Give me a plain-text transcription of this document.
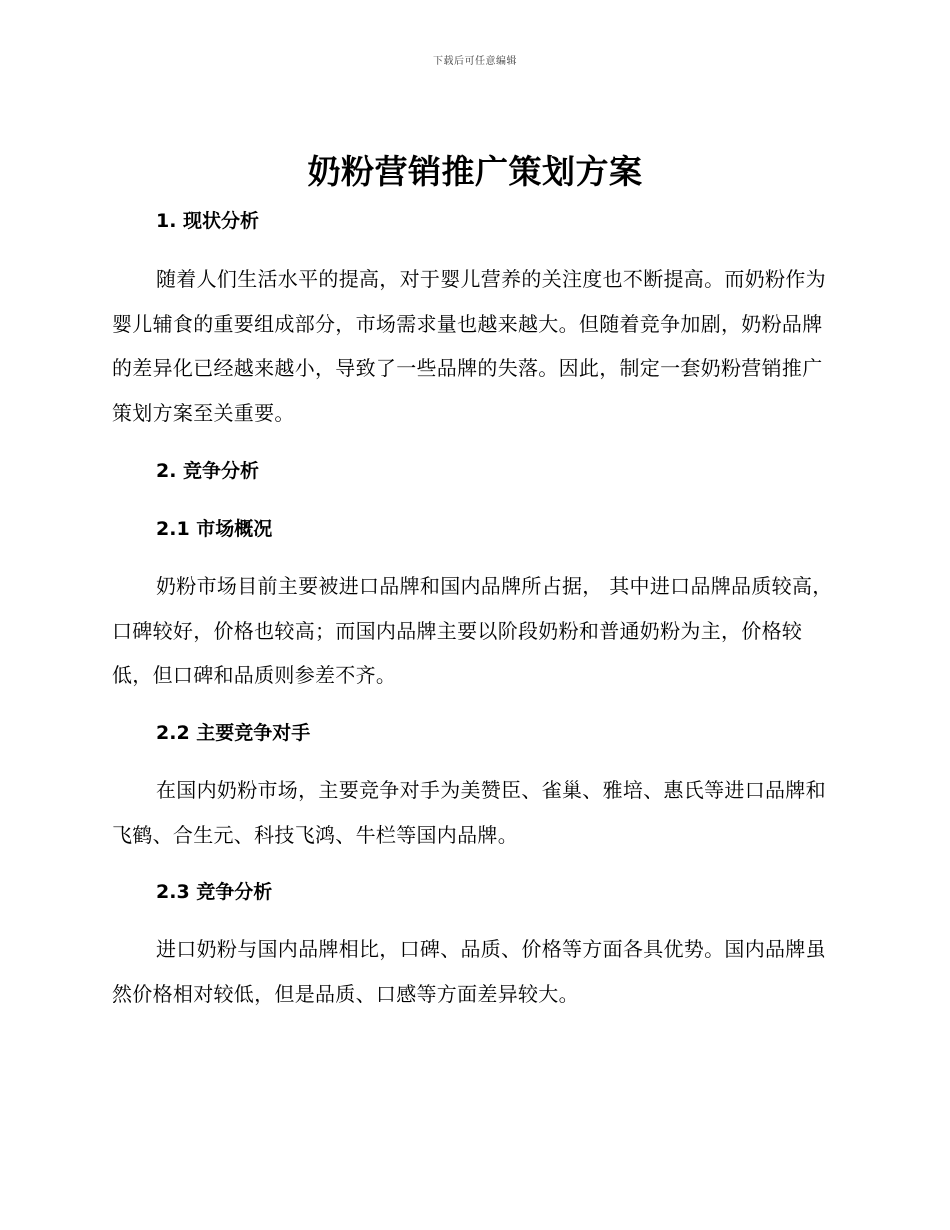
下载后可任意编辑
奶粉营销推广策划方案
1. 现状分析

随着人们生活水平的提高，对于婴儿营养的关注度也不断提高。而奶粉作为婴儿辅食的重要组成部分，市场需求量也越来越大。但随着竞争加剧，奶粉品牌的差异化已经越来越小，导致了一些品牌的失落。因此，制定一套奶粉营销推广策划方案至关重要。

2. 竞争分析
2.1 市场概况

奶粉市场目前主要被进口品牌和国内品牌所占据， 其中进口品牌品质较高，口碑较好，价格也较高；而国内品牌主要以阶段奶粉和普通奶粉为主，价格较低，但口碑和品质则参差不齐。

2.2 主要竞争对手

在国内奶粉市场，主要竞争对手为美赞臣、雀巢、雅培、惠氏等进口品牌和飞鹤、合生元、科技飞鸿、牛栏等国内品牌。

2.3 竞争分析

进口奶粉与国内品牌相比，口碑、品质、价格等方面各具优势。国内品牌虽然价格相对较低，但是品质、口感等方面差异较大。
